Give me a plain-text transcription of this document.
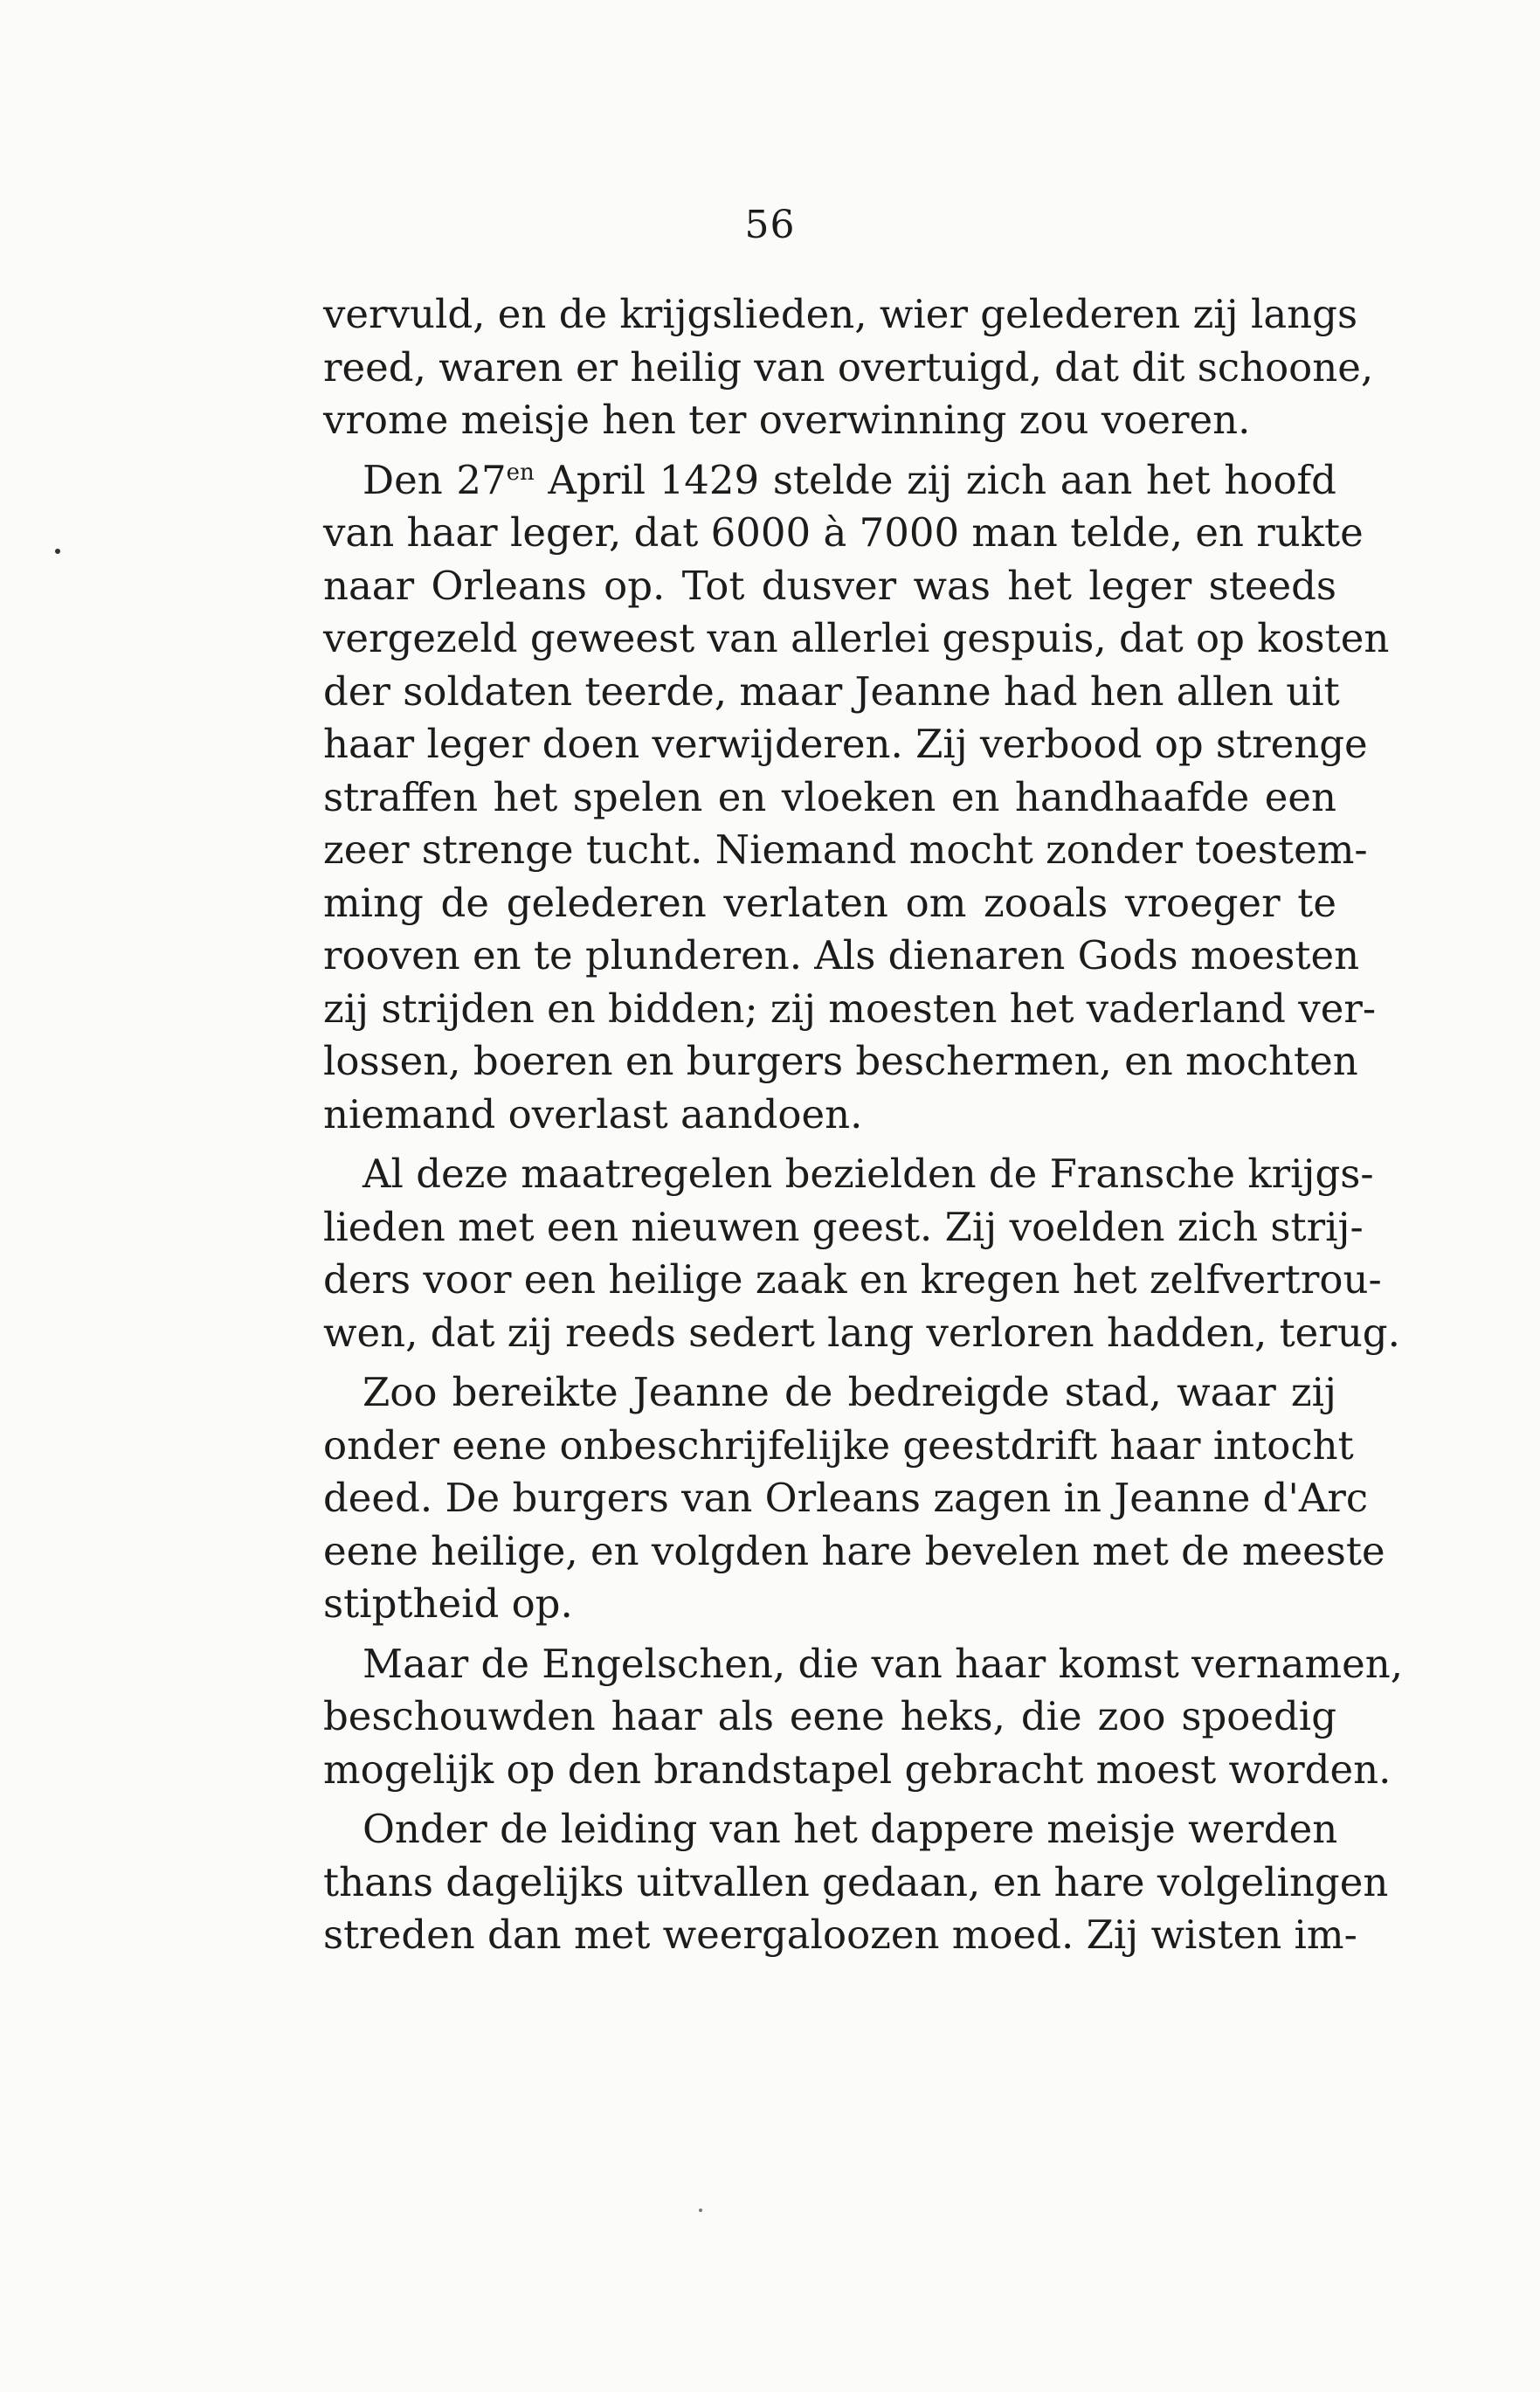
56
vervuld, en de krijgslieden, wier gelederen zij langs
reed, waren er heilig van overtuigd, dat dit schoone,
vrome meisje hen ter overwinning zou voeren.
Den $27^{en}$ April 1429 stelde zij zich aan het hoofd
van haar leger, dat 6000 à 7000 man telde, en rukte
naar Orleans op. Tot dusver was het leger steeds
vergezeld geweest van allerlei gespuis, dat op kosten
der soldaten teerde, maar Jeanne had hen allen uit
haar leger doen verwijderen. Zij verbood op strenge
straffen het spelen en vloeken en handhaafde een
zeer strenge tucht. Niemand mocht zonder toestem-
ming de gelederen verlaten om zooals vroeger te
rooven en te plunderen. Als dienaren Gods moesten
zij strijden en bidden; zij moesten het vaderland ver-
lossen, boeren en burgers beschermen, en mochten
niemand overlast aandoen.
Al deze maatregelen bezielden de Fransche krijgs-
lieden met een nieuwen geest. Zij voelden zich strij-
ders voor een heilige zaak en kregen het zelfvertrou-
wen, dat zij reeds sedert lang verloren hadden, terug.
Zoo bereikte Jeanne de bedreigde stad, waar zij
onder eene onbeschrijfelijke geestdrift haar intocht
deed. De burgers van Orleans zagen in Jeanne d'Arc
eene heilige, en volgden hare bevelen met de meeste
stiptheid op.
Maar de Engelschen, die van haar komst vernamen,
beschouwden haar als eene heks, die zoo spoedig
mogelijk op den brandstapel gebracht moest worden.
Onder de leiding van het dappere meisje werden
thans dagelijks uitvallen gedaan, en hare volgelingen
streden dan met weergaloozen moed. Zij wisten im-
